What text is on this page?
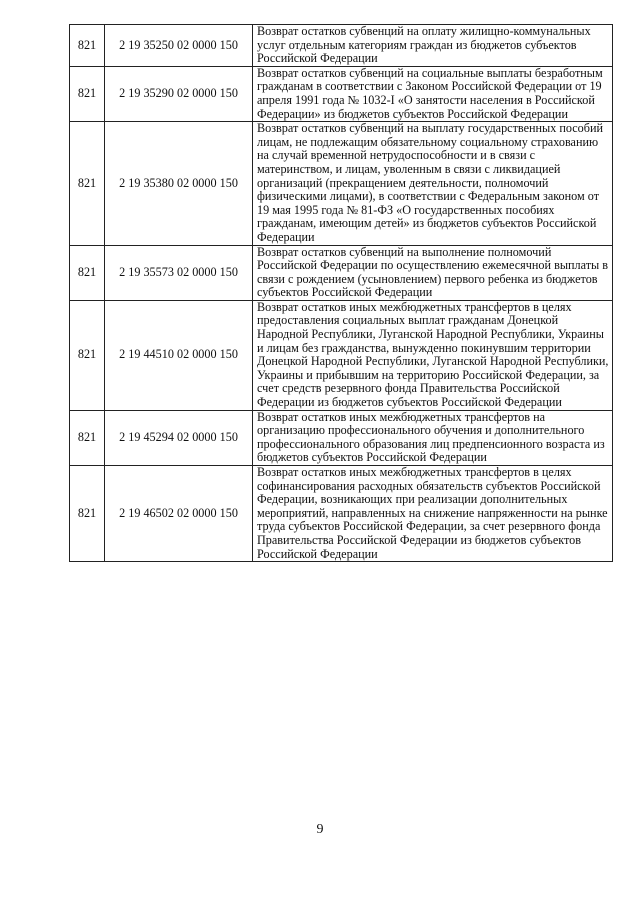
821	2 19 35250 02 0000 150	Возврат остатков субвенций на оплату жилищно-коммунальных услуг отдельным категориям граждан из бюджетов субъектов Российской Федерации
821	2 19 35290 02 0000 150	Возврат остатков субвенций на социальные выплаты безработным гражданам в соответствии с Законом Российской Федерации от 19 апреля 1991 года № 1032-I «О занятости населения в Российской Федерации» из бюджетов субъектов Российской Федерации
821	2 19 35380 02 0000 150	Возврат остатков субвенций на выплату государственных пособий лицам, не подлежащим обязательному социальному страхованию на случай временной нетрудоспособности и в связи с материнством, и лицам, уволенным в связи с ликвидацией организаций (прекращением деятельности, полномочий физическими лицами), в соответствии с Федеральным законом от 19 мая 1995 года № 81-ФЗ «О государственных пособиях гражданам, имеющим детей» из бюджетов субъектов Российской Федерации
821	2 19 35573 02 0000 150	Возврат остатков субвенций на выполнение полномочий Российской Федерации по осуществлению ежемесячной выплаты в связи с рождением (усыновлением) первого ребенка из бюджетов субъектов Российской Федерации
821	2 19 44510 02 0000 150	Возврат остатков иных межбюджетных трансфертов в целях предоставления социальных выплат гражданам Донецкой Народной Республики, Луганской Народной Республики, Украины и лицам без гражданства, вынужденно покинувшим территории Донецкой Народной Республики, Луганской Народной Республики, Украины и прибывшим на территорию Российской Федерации, за счет средств резервного фонда Правительства Российской Федерации из бюджетов субъектов Российской Федерации
821	2 19 45294 02 0000 150	Возврат остатков иных межбюджетных трансфертов на организацию профессионального обучения и дополнительного профессионального образования лиц предпенсионного возраста из бюджетов субъектов Российской Федерации
821	2 19 46502 02 0000 150	Возврат остатков иных межбюджетных трансфертов в целях софинансирования расходных обязательств субъектов Российской Федерации, возникающих при реализации дополнительных мероприятий, направленных на снижение напряженности на рынке труда субъектов Российской Федерации, за счет резервного фонда Правительства Российской Федерации из бюджетов субъектов Российской Федерации
9
